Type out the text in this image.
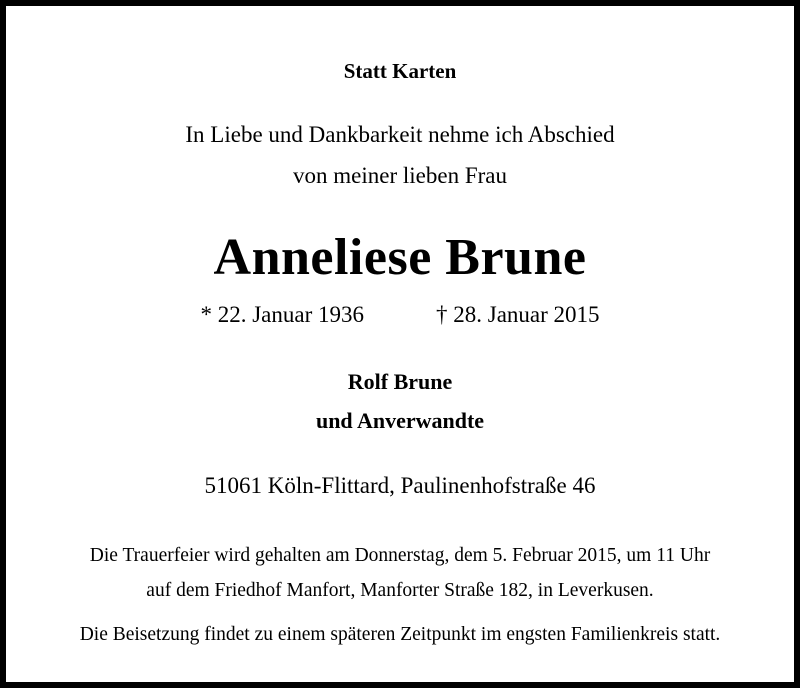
Statt Karten
In Liebe und Dankbarkeit nehme ich Abschied
von meiner lieben Frau
Anneliese Brune
* 22. Januar 1936	† 28. Januar 2015
Rolf Brune
und Anverwandte
51061 Köln-Flittard, Paulinenhofstraße 46
Die Trauerfeier wird gehalten am Donnerstag, dem 5. Februar 2015, um 11 Uhr
auf dem Friedhof Manfort, Manforter Straße 182, in Leverkusen.
Die Beisetzung findet zu einem späteren Zeitpunkt im engsten Familienkreis statt.
